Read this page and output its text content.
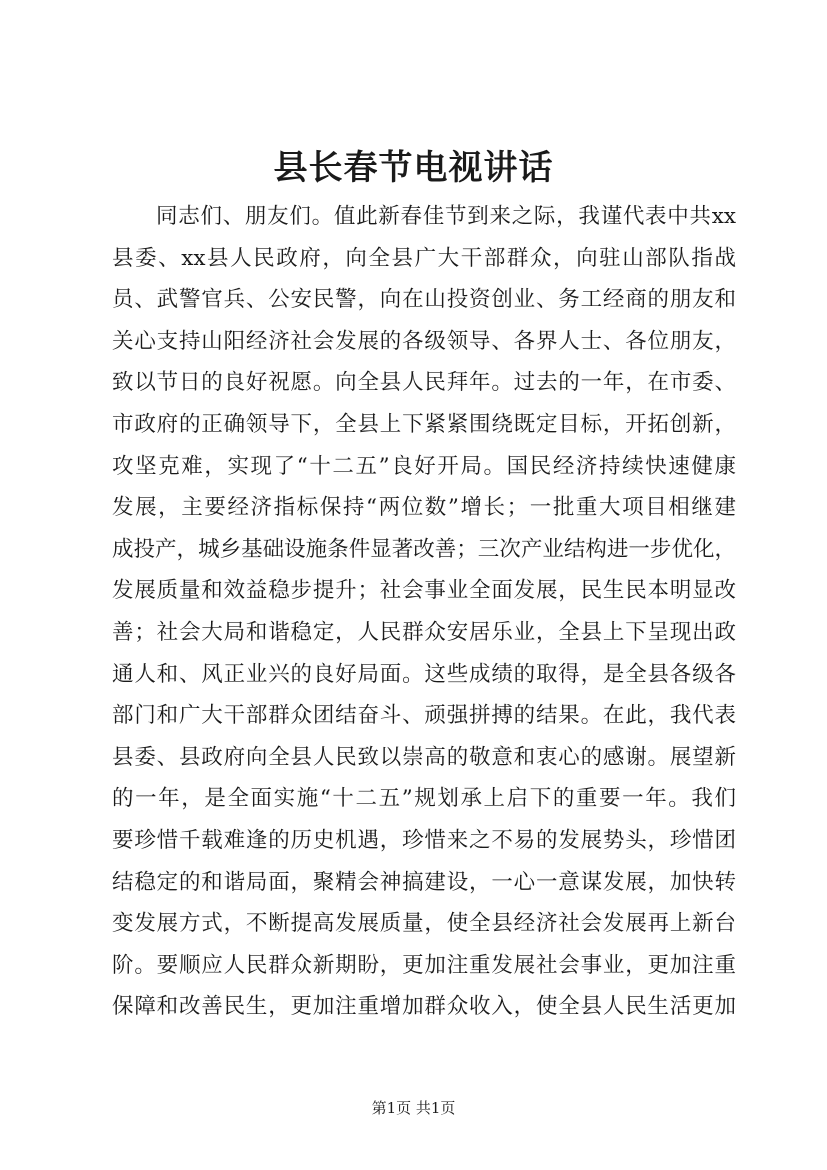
县长春节电视讲话
同志们、朋友们。值此新春佳节到来之际，我谨代表中共xx
县委、xx县人民政府，向全县广大干部群众，向驻山部队指战
员、武警官兵、公安民警，向在山投资创业、务工经商的朋友和
关心支持山阳经济社会发展的各级领导、各界人士、各位朋友，
致以节日的良好祝愿。向全县人民拜年。过去的一年，在市委、
市政府的正确领导下，全县上下紧紧围绕既定目标，开拓创新，
攻坚克难，实现了“十二五”良好开局。国民经济持续快速健康
发展，主要经济指标保持“两位数”增长；一批重大项目相继建
成投产，城乡基础设施条件显著改善；三次产业结构进一步优化，
发展质量和效益稳步提升；社会事业全面发展，民生民本明显改
善；社会大局和谐稳定，人民群众安居乐业，全县上下呈现出政
通人和、风正业兴的良好局面。这些成绩的取得，是全县各级各
部门和广大干部群众团结奋斗、顽强拼搏的结果。在此，我代表
县委、县政府向全县人民致以崇高的敬意和衷心的感谢。展望新
的一年，是全面实施“十二五”规划承上启下的重要一年。我们
要珍惜千载难逢的历史机遇，珍惜来之不易的发展势头，珍惜团
结稳定的和谐局面，聚精会神搞建设，一心一意谋发展，加快转
变发展方式，不断提高发展质量，使全县经济社会发展再上新台
阶。要顺应人民群众新期盼，更加注重发展社会事业，更加注重
保障和改善民生，更加注重增加群众收入，使全县人民生活更加
第1页 共1页
